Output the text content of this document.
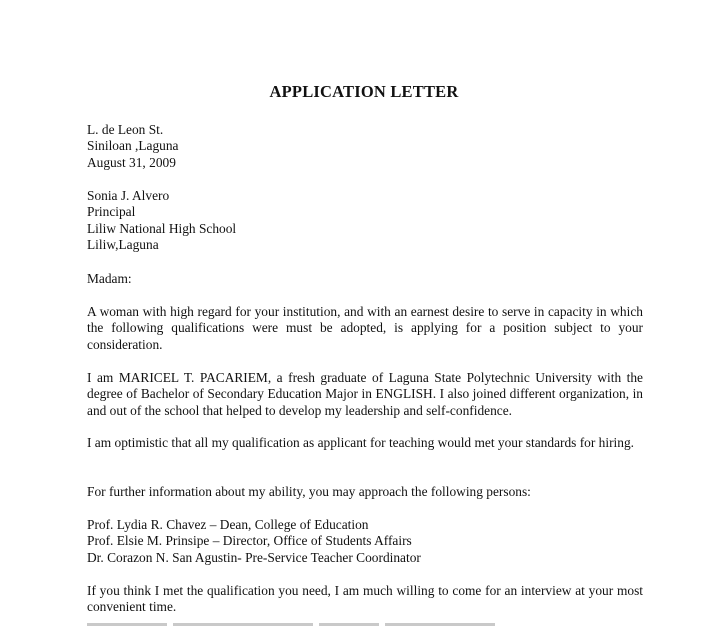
APPLICATION LETTER
L. de Leon St.
Siniloan ,Laguna
August 31, 2009
Sonia J. Alvero
Principal
Liliw National High School
Liliw,Laguna
Madam:
A woman with high regard for your institution, and with an earnest desire to serve in capacity in which the following qualifications were must be adopted, is applying for a position subject to your consideration.
I am MARICEL T. PACARIEM, a fresh graduate of Laguna State Polytechnic University with the degree of Bachelor of Secondary Education Major in ENGLISH. I also joined different organization, in and out of the school that helped to develop my leadership and self-confidence.
I am optimistic that all my qualification as applicant for teaching would met your standards for hiring.
For further information about my ability, you may approach the following persons:
Prof. Lydia R. Chavez – Dean, College of Education
Prof. Elsie M. Prinsipe – Director, Office of Students Affairs
Dr. Corazon N. San Agustin- Pre-Service Teacher Coordinator
If you think I met the qualification you need, I am much willing to come for an interview at your most convenient time.
